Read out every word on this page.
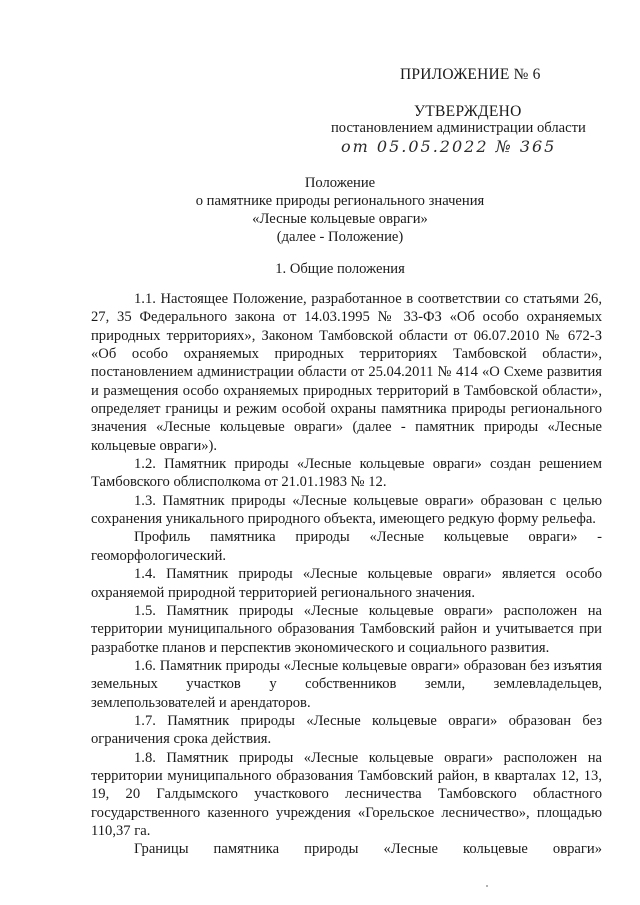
ПРИЛОЖЕНИЕ № 6
УТВЕРЖДЕНО
постановлением администрации области
от 05.05.2022 № 365
Положение
о памятнике природы регионального значения
«Лесные кольцевые овраги»
(далее - Положение)
1. Общие положения

1.1. Настоящее Положение, разработанное в соответствии со статьями 26, 27, 35 Федерального закона от 14.03.1995 № 33-ФЗ «Об особо охраняемых природных территориях», Законом Тамбовской области от 06.07.2010 № 672-З «Об особо охраняемых природных территориях Тамбовской области», постановлением администрации области от 25.04.2011 № 414 «О Схеме развития и размещения особо охраняемых природных территорий в Тамбовской области», определяет границы и режим особой охраны памятника природы регионального значения «Лесные кольцевые овраги» (далее - памятник природы «Лесные кольцевые овраги»).

1.2. Памятник природы «Лесные кольцевые овраги» создан решением Тамбовского облисполкома от 21.01.1983 № 12.

1.3. Памятник природы «Лесные кольцевые овраги» образован с целью сохранения уникального природного объекта, имеющего редкую форму рельефа.

Профиль памятника природы «Лесные кольцевые овраги» - геоморфологический.

1.4. Памятник природы «Лесные кольцевые овраги» является особо охраняемой природной территорией регионального значения.

1.5. Памятник природы «Лесные кольцевые овраги» расположен на территории муниципального образования Тамбовский район и учитывается при разработке планов и перспектив экономического и социального развития.

1.6. Памятник природы «Лесные кольцевые овраги» образован без изъятия земельных участков у собственников земли, землевладельцев, землепользователей и арендаторов.

1.7. Памятник природы «Лесные кольцевые овраги» образован без ограничения срока действия.

1.8. Памятник природы «Лесные кольцевые овраги» расположен на территории муниципального образования Тамбовский район, в кварталах 12, 13, 19, 20 Галдымского участкового лесничества Тамбовского областного государственного казенного учреждения «Горельское лесничество», площадью 110,37 га.

Границы памятника природы «Лесные кольцевые овраги»
